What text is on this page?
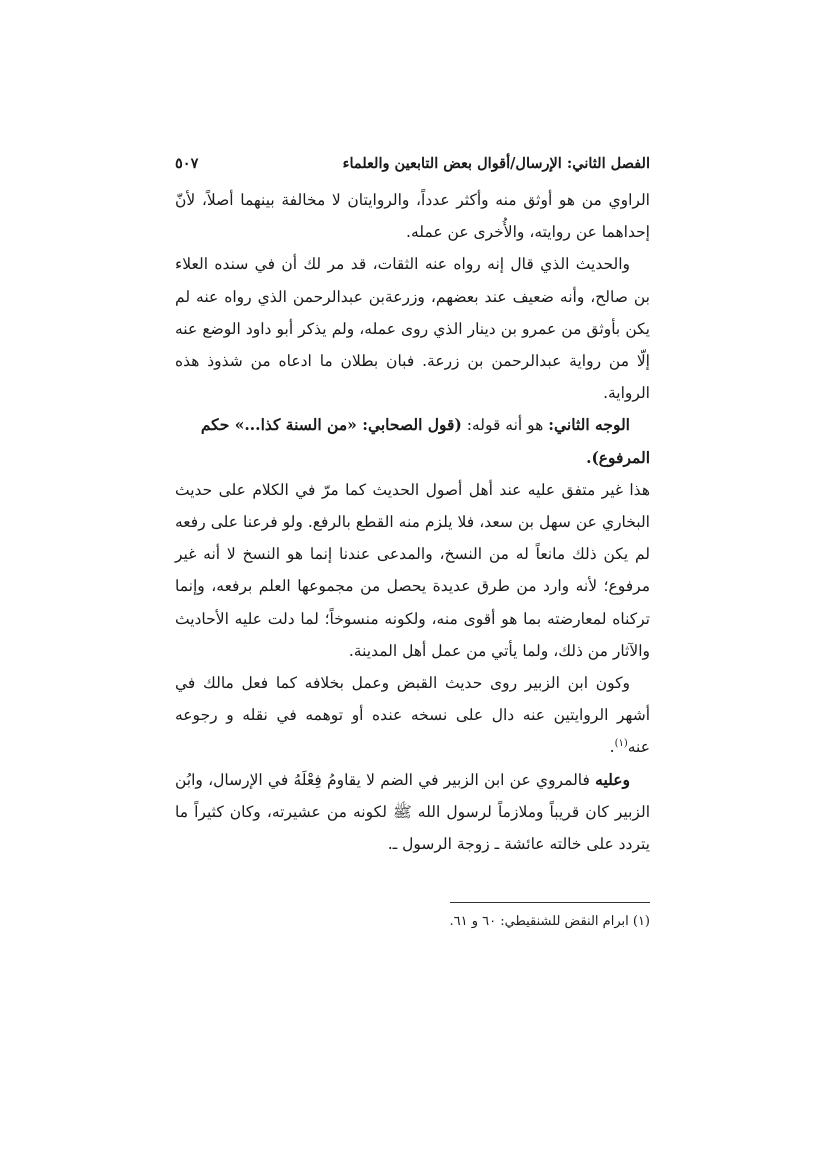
الفصل الثاني: الإرسال/أقوال بعض التابعين والعلماء
٥٠٧

الراوي من هو أوثق منه وأكثر عدداً، والروايتان لا مخالفة بينهما أصلاً، لأنّ إحداهما عن روايته، والأُخرى عن عمله.

والحديث الذي قال إنه رواه عنه الثقات، قد مر لك أن في سنده العلاء بن صالح، وأنه ضعيف عند بعضهم، وزرعةبن عبدالرحمن الذي رواه عنه لم يكن بأوثق من عمرو بن دينار الذي روى عمله، ولم يذكر أبو داود الوضع عنه إلّا من رواية عبدالرحمن بن زرعة. فبان بطلان ما ادعاه من شذوذ هذه الرواية.

الوجه الثاني: هو أنه قوله: (قول الصحابي: «من السنة كذا...» حكم المرفوع).
هذا غير متفق عليه عند أهل أصول الحديث كما مرّ في الكلام على حديث البخاري عن سهل بن سعد، فلا يلزم منه القطع بالرفع. ولو فرعنا على رفعه لم يكن ذلك مانعاً له من النسخ، والمدعى عندنا إنما هو النسخ لا أنه غير مرفوع؛ لأنه وارد من طرق عديدة يحصل من مجموعها العلم برفعه، وإنما تركناه لمعارضته بما هو أقوى منه، ولكونه منسوخاً؛ لما دلت عليه الأحاديث والآثار من ذلك، ولما يأتي من عمل أهل المدينة.

وكون ابن الزبير روى حديث القبض وعمل بخلافه كما فعل مالك في أشهر الروايتين عنه دال على نسخه عنده أو توهمه في نقله و رجوعه عنه$^{(١)}$.

وعليه فالمروي عن ابن الزبير في الضم لا يقاومُ فِعْلَهُ في الإرسال، وابُن الزبير كان قريباً وملازماً لرسول الله ﷺ لكونه من عشيرته، وكان كثيراً ما يتردد على خالته عائشة ـ زوجة الرسول ـ.

(١) ابرام النقض للشنقيطي: ٦٠ و ٦١.
